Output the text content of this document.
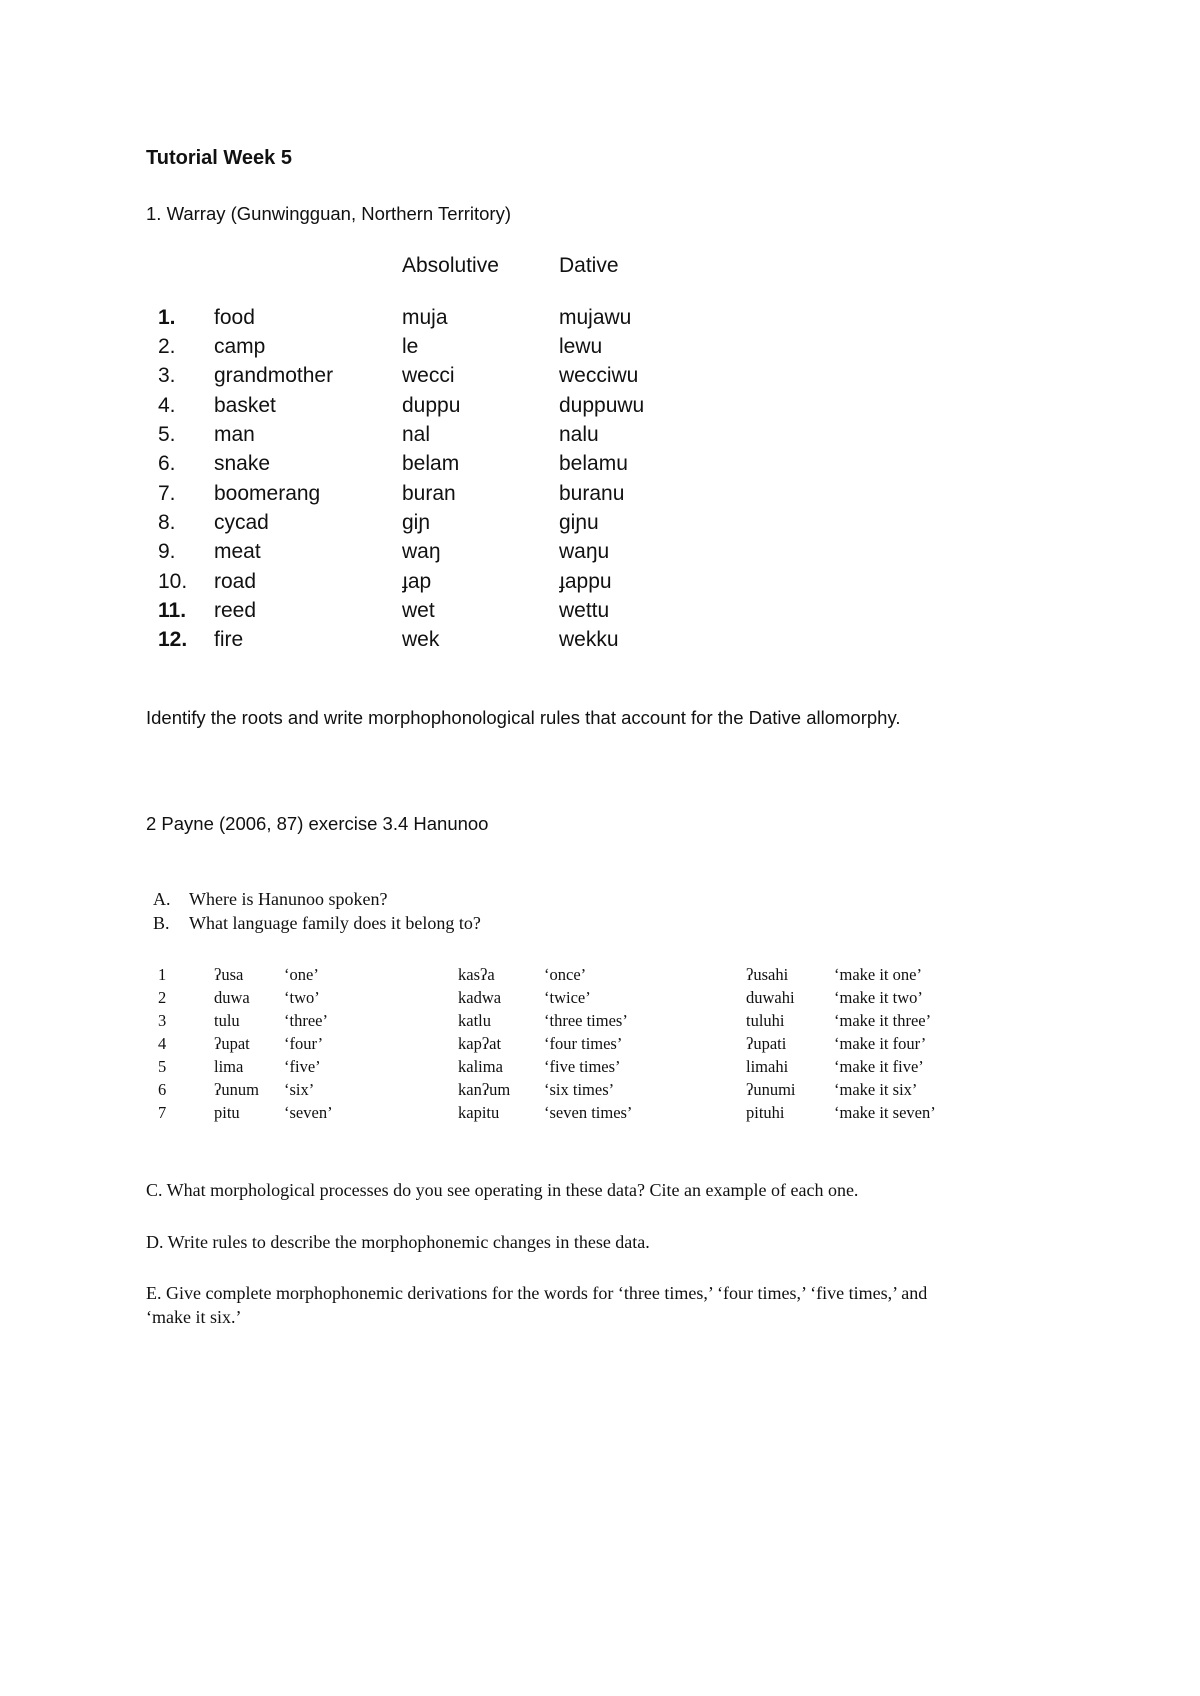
Tutorial Week 5
1. Warray (Gunwingguan, Northern Territory)
Absolutive	Dative
1. food	muja	mujawu
2. camp	le	lewu
3. grandmother	wecci	wecciwu
4. basket	duppu	duppuwu
5. man	nal	nalu
6. snake	belam	belamu
7. boomerang	buran	buranu
8. cycad	giɲ	giɲu
9. meat	waŋ	waŋu
10. road	ɟap	ɟappu
11. reed	wet	wettu
12. fire	wek	wekku
Identify the roots and write morphophonological rules that account for the Dative allomorphy.
2 Payne (2006, 87) exercise 3.4 Hanunoo
A. Where is Hanunoo spoken?
B. What language family does it belong to?
1	ʔusa ‘one’	kasʔa	‘once’	ʔusahi	‘make it one’
2	duwa ‘two’	kadwa	‘twice’	duwahi ‘make it two’
3	tulu	‘three’	katlu	‘three times’	tuluhi	‘make it three’
4	ʔupat ‘four’	kapʔat	‘four times’	ʔupati	‘make it four’
5	lima ‘five’	kalima ‘five times’	limahi	‘make it five’
6	ʔunum ‘six’	kanʔum ‘six times’	ʔunumi ‘make it six’
7	pitu	‘seven’	kapitu	‘seven times’	pituhi	‘make it seven’
C. What morphological processes do you see operating in these data? Cite an example of each one.
D. Write rules to describe the morphophonemic changes in these data.
E. Give complete morphophonemic derivations for the words for ‘three times,’ ‘four times,’ ‘five times,’ and
‘make it six.’
